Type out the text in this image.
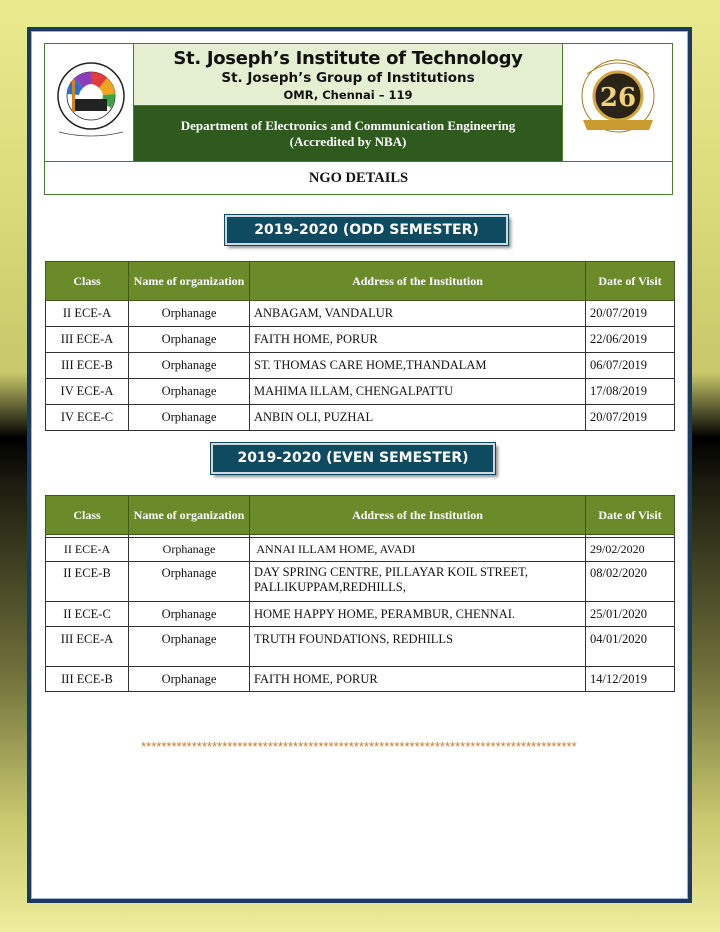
St. Joseph’s Institute of Technology
St. Joseph’s Group of Institutions
OMR, Chennai – 119
Department of Electronics and Communication Engineering
(Accredited by NBA)
26
NGO DETAILS
2019-2020 (ODD SEMESTER)
Class	Name of organization	Address of the Institution	Date of Visit
II ECE-A	Orphanage	ANBAGAM, VANDALUR	20/07/2019
III ECE-A	Orphanage	FAITH HOME, PORUR	22/06/2019
III ECE-B	Orphanage	ST. THOMAS CARE HOME,THANDALAM	06/07/2019
IV ECE-A	Orphanage	MAHIMA ILLAM, CHENGALPATTU	17/08/2019
IV ECE-C	Orphanage	ANBIN OLI, PUZHAL	20/07/2019
2019-2020 (EVEN SEMESTER)
Class	Name of organization	Address of the Institution	Date of Visit

II ECE-A	Orphanage	ANNAI ILLAM HOME, AVADI	29/02/2020
II ECE-B	Orphanage	DAY SPRING CENTRE, PILLAYAR KOIL STREET, PALLIKUPPAM,REDHILLS,	08/02/2020
II ECE-C	Orphanage	HOME HAPPY HOME, PERAMBUR, CHENNAI.	25/01/2020
III ECE-A	Orphanage	TRUTH FOUNDATIONS, REDHILLS	04/01/2020
III ECE-B	Orphanage	FAITH HOME, PORUR	14/12/2019
**************************************************************************************
